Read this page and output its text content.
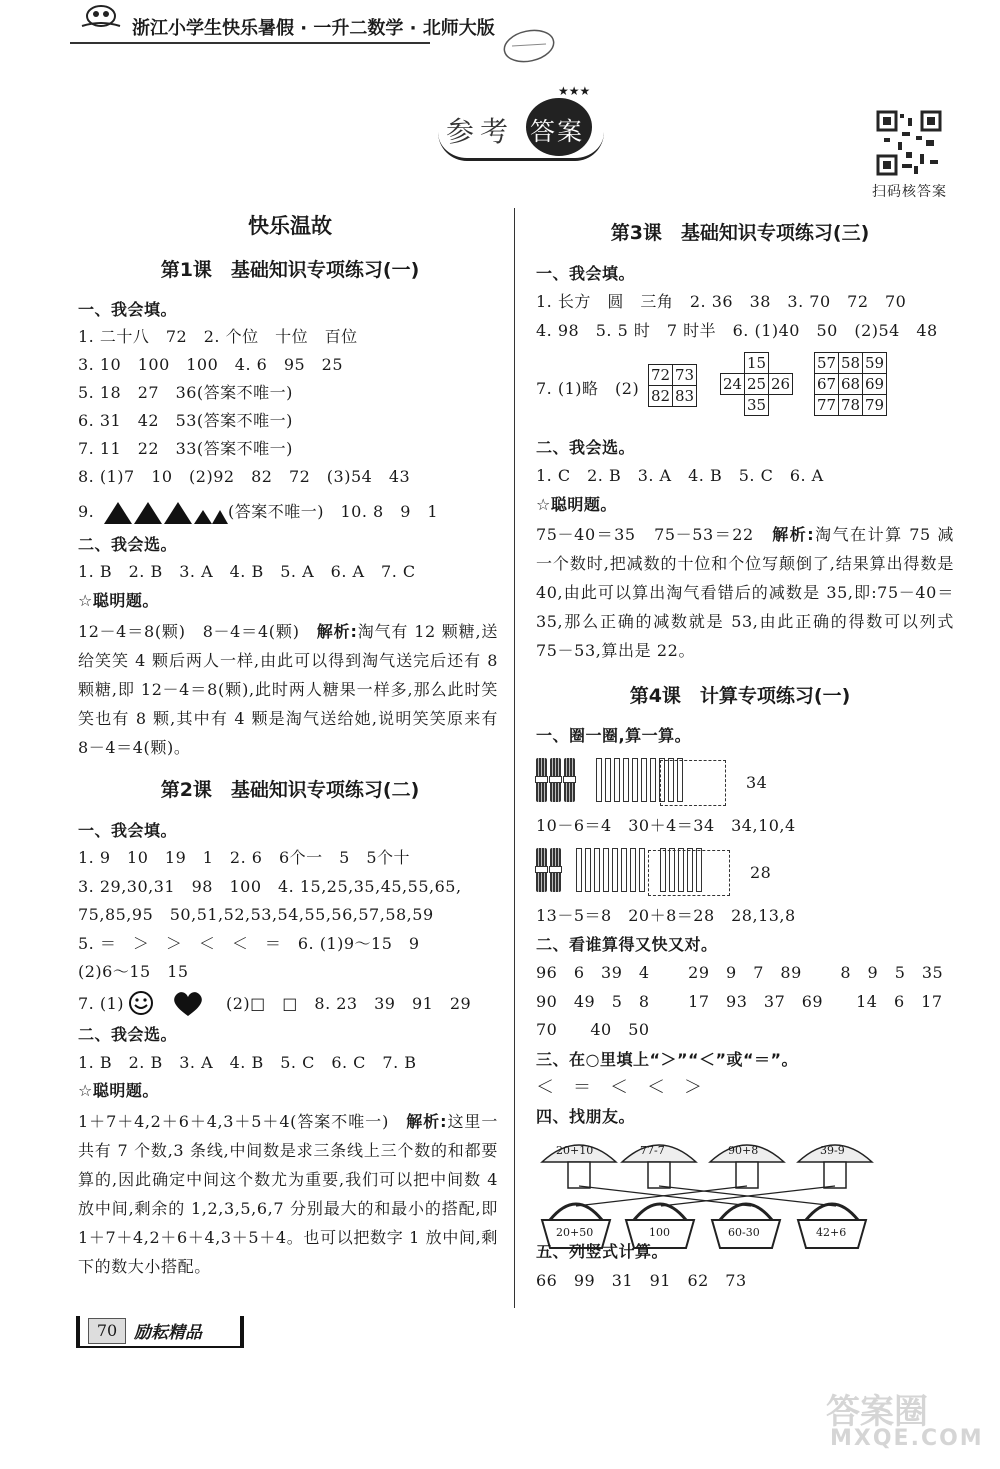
浙江小学生快乐暑假 · 一升二数学 · 北师大版
参考 答案
★★★
扫码核答案
快乐温故
第1课　基础知识专项练习(一)
一、我会填。
1. 二十八　72　2. 个位　十位　百位
3. 10　100　100　4. 6　95　25
5. 18　27　36(答案不唯一)
6. 31　42　53(答案不唯一)
7. 11　22　33(答案不唯一)
8. (1)7　10　(2)92　82　72　(3)54　43
9.	(答案不唯一)　10. 8　9　1
二、我会选。
1. B　2. B　3. A　4. B　5. A　6. A　7. C
☆聪明题。
12－4＝8(颗)　8－4＝4(颗)　 解析:淘气有 12 颗糖,送给笑笑 4 颗后两人一样,由此可以得到淘气送完后还有 8 颗糖,即 12－4＝8(颗),此时两人糖果一样多,那么此时笑笑也有 8 颗,其中有 4 颗是淘气送给她,说明笑笑原来有 8－4＝4(颗)。
第2课　基础知识专项练习(二)
一、我会填。
1. 9　10　19　1　2. 6　6个一　5　5个十
3. 29,30,31　98　100　4. 15,25,35,45,55,65,
75,85,95　50,51,52,53,54,55,56,57,58,59
5. ＝　＞　＞　＜　＜　＝　6. (1)9～15　9
(2)6～15　15
7. (1)	(2)□　□　8. 23　39　91　29
二、我会选。
1. B　2. B　3. A　4. B　5. C　6. C　7. B
☆聪明题。
1＋7＋4,2＋6＋4,3＋5＋4(答案不唯一)　 解析:这里一共有 7 个数,3 条线,中间数是求三条线上三个数的和都要算的,因此确定中间这个数尤为重要,我们可以把中间数 4 放中间,剩余的 1,2,3,5,6,7 分别最大的和最小的搭配,即 1＋7＋4,2＋6＋4,3＋5＋4。也可以把数字 1 放中间,剩下的数大小搭配。
70 励耘精品
第3课　基础知识专项练习(三)
一、我会填。
1. 长方　圆　三角　2. 36　38　3. 70　72　70
4. 98　5. 5 时　7 时半　6. (1)40　50　(2)54　48
7. (1)略　(2)
72	73
82	83
	15	
24	25	26
	35	
57	58	59
67	68	69
77	78	79
二、我会选。
1. C　2. B　3. A　4. B　5. C　6. A
☆聪明题。
75－40＝35　75－53＝22　 解析:淘气在计算 75 减一个数时,把减数的十位和个位写颠倒了,结果算出得数是 40,由此可以算出淘气看错后的减数是 35,即:75－40＝35,那么正确的减数就是 53,由此正确的得数可以列式 75－53,算出是 22。
第4课　计算专项练习(一)
一、圈一圈,算一算。

34
10－6＝4　30＋4＝34　34,10,4

28
13－5＝8　20＋8＝28　28,13,8
二、看谁算得又快又对。
96　6　39　4　　 29　9　7　89　　 8　9　5　35
90　49　5　8　　 17　93　37　69　　14　6　17
70　　40　50
三、在○里填上“＞”“＜”或“＝”。
＜　＝　＜　＜　＞
四、找朋友。
20+10	77-7	90+8	39-9
20+50	100	60-30	42+6
五、列竖式计算。
66　99　31　91　62　73
答案圈
MXQE.COM
